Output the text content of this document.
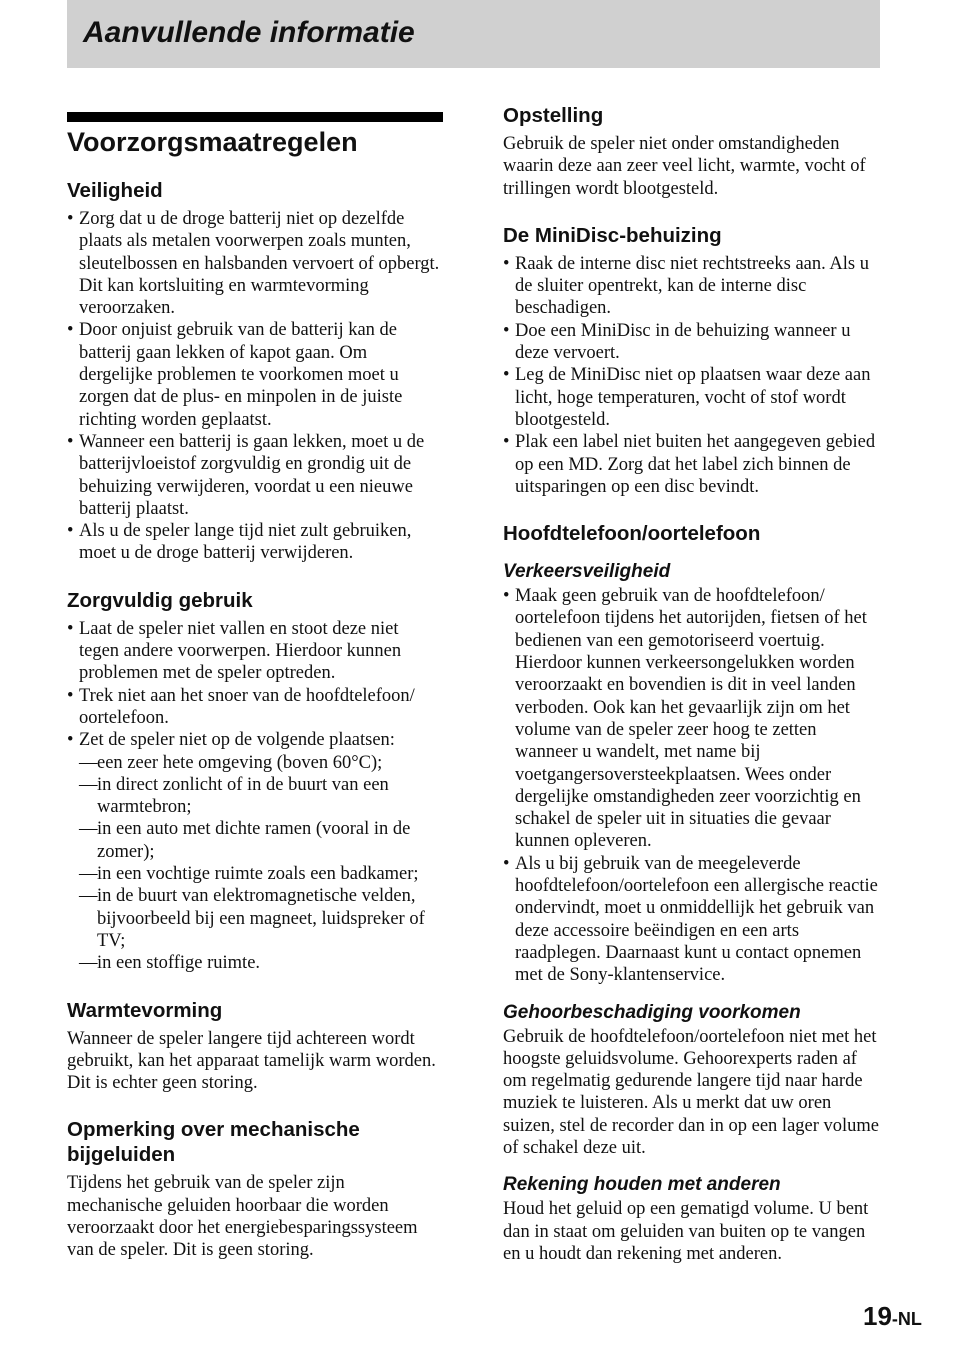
Aanvullende informatie
Voorzorgsmaatregelen
Veiligheid
• Zorg dat u de droge batterij niet op dezelfde plaats als metalen voorwerpen zoals munten, sleutelbossen en halsbanden vervoert of opbergt. Dit kan kortsluiting en warmtevorming veroorzaken.
• Door onjuist gebruik van de batterij kan de batterij gaan lekken of kapot gaan. Om dergelijke problemen te voorkomen moet u zorgen dat de plus- en minpolen in de juiste richting worden geplaatst.
• Wanneer een batterij is gaan lekken, moet u de batterijvloeistof zorgvuldig en grondig uit de behuizing verwijderen, voordat u een nieuwe batterij plaatst.
• Als u de speler lange tijd niet zult gebruiken, moet u de droge batterij verwijderen.
Zorgvuldig gebruik
• Laat de speler niet vallen en stoot deze niet tegen andere voorwerpen. Hierdoor kunnen problemen met de speler optreden.
• Trek niet aan het snoer van de hoofdtelefoon/ oortelefoon.
• Zet de speler niet op de volgende plaatsen:
— een zeer hete omgeving (boven 60°C);
— in direct zonlicht of in de buurt van een warmtebron;
— in een auto met dichte ramen (vooral in de zomer);
— in een vochtige ruimte zoals een badkamer;
— in de buurt van elektromagnetische velden, bijvoorbeeld bij een magneet, luidspreker of TV;
— in een stoffige ruimte.
Warmtevorming

Wanneer de speler langere tijd achtereen wordt gebruikt, kan het apparaat tamelijk warm worden. Dit is echter geen storing.

Opmerking over mechanische bijgeluiden

Tijdens het gebruik van de speler zijn mechanische geluiden hoorbaar die worden veroorzaakt door het energiebesparingssysteem van de speler. Dit is geen storing.

Opstelling

Gebruik de speler niet onder omstandigheden waarin deze aan zeer veel licht, warmte, vocht of trillingen wordt blootgesteld.

De MiniDisc-behuizing
• Raak de interne disc niet rechtstreeks aan. Als u de sluiter opentrekt, kan de interne disc beschadigen.
• Doe een MiniDisc in de behuizing wanneer u deze vervoert.
• Leg de MiniDisc niet op plaatsen waar deze aan licht, hoge temperaturen, vocht of stof wordt blootgesteld.
• Plak een label niet buiten het aangegeven gebied op een MD. Zorg dat het label zich binnen de uitsparingen op een disc bevindt.
Hoofdtelefoon/oortelefoon
Verkeersveiligheid
• Maak geen gebruik van de hoofdtelefoon/ oortelefoon tijdens het autorijden, fietsen of het bedienen van een gemotoriseerd voertuig. Hierdoor kunnen verkeersongelukken worden veroorzaakt en bovendien is dit in veel landen verboden. Ook kan het gevaarlijk zijn om het volume van de speler zeer hoog te zetten wanneer u wandelt, met name bij voetgangersoversteekplaatsen. Wees onder dergelijke omstandigheden zeer voorzichtig en schakel de speler uit in situaties die gevaar kunnen opleveren.
• Als u bij gebruik van de meegeleverde hoofdtelefoon/oortelefoon een allergische reactie ondervindt, moet u onmiddellijk het gebruik van deze accessoire beëindigen en een arts raadplegen. Daarnaast kunt u contact opnemen met de Sony-klantenservice.
Gehoorbeschadiging voorkomen

Gebruik de hoofdtelefoon/oortelefoon niet met het hoogste geluidsvolume. Gehoorexperts raden af om regelmatig gedurende langere tijd naar harde muziek te luisteren. Als u merkt dat uw oren suizen, stel de recorder dan in op een lager volume of schakel deze uit.

Rekening houden met anderen

Houd het geluid op een gematigd volume. U bent dan in staat om geluiden van buiten op te vangen en u houdt dan rekening met anderen.

19-NL
